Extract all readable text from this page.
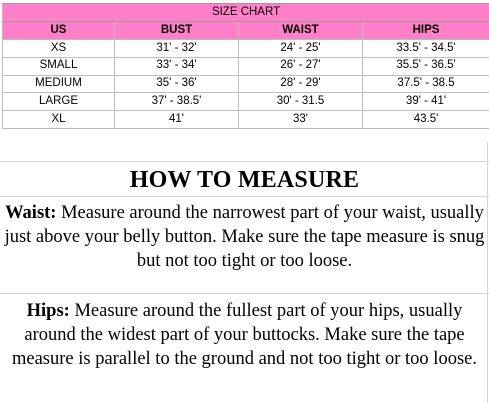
SIZE CHART			
US	BUST	WAIST	HIPS
XS	31' - 32'	24' - 25'	33.5' - 34.5'
SMALL	33' - 34'	26' - 27'	35.5' - 36.5'
MEDIUM	35' - 36'	28' - 29'	37.5' - 38.5
LARGE	37' - 38.5'	30' - 31.5	39' - 41'
XL	41'	33'	43.5'
HOW TO MEASURE

Waist: Measure around the narrowest part of your waist, usually just above your belly button. Make sure the tape measure is snug but not too tight or too loose.

Hips: Measure around the fullest part of your hips, usually around the widest part of your buttocks. Make sure the tape measure is parallel to the ground and not too tight or too loose.
